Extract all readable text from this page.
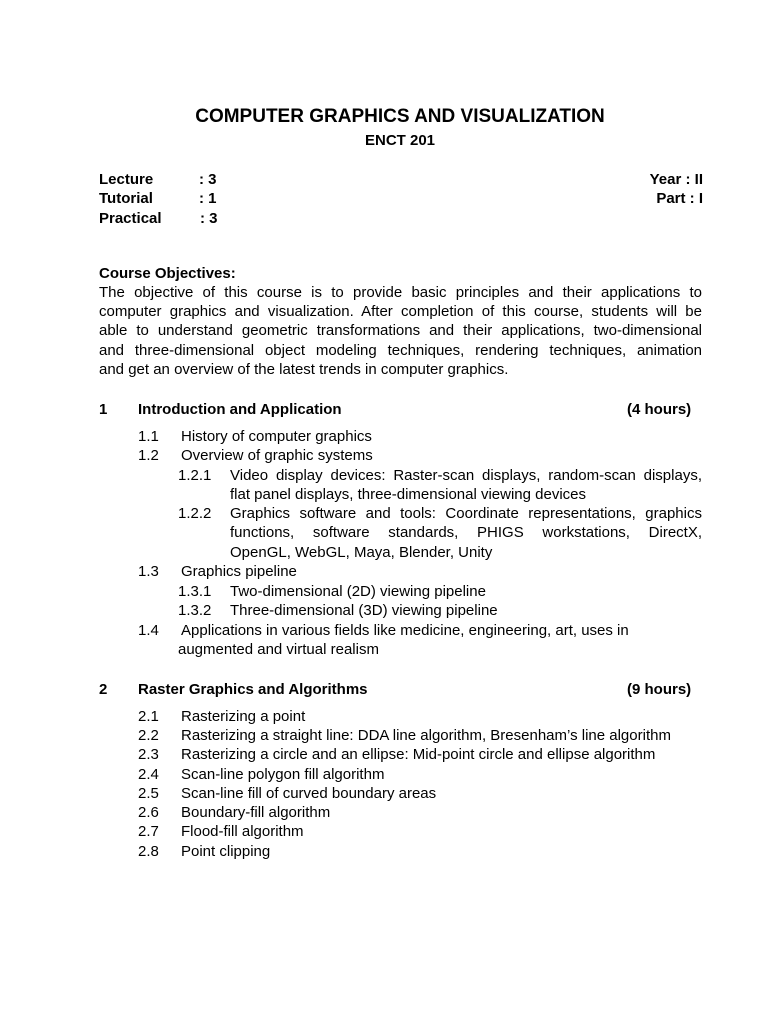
COMPUTER GRAPHICS AND VISUALIZATION
ENCT 201
Lecture	: 3
Tutorial	: 1
Practical	: 3
Year : II
Part : I
Course Objectives:
The objective of this course is to provide basic principles and their applications to
computer graphics and visualization. After completion of this course, students will be
able to understand geometric transformations and their applications, two-dimensional
and three-dimensional object modeling techniques, rendering techniques, animation
and get an overview of the latest trends in computer graphics.
1 Introduction and Application	(4 hours)
1.1 History of computer graphics
1.2 Overview of graphic systems
1.2.1 Video display devices: Raster-scan displays, random-scan displays,
flat panel displays, three-dimensional viewing devices
1.2.2 Graphics software and tools: Coordinate representations, graphics
functions, software standards, PHIGS workstations, DirectX,
OpenGL, WebGL, Maya, Blender, Unity
1.3 Graphics pipeline
1.3.1 Two-dimensional (2D) viewing pipeline
1.3.2 Three-dimensional (3D) viewing pipeline
1.4 Applications in various fields like medicine, engineering, art, uses in
augmented and virtual realism
2 Raster Graphics and Algorithms	(9 hours)
2.1 Rasterizing a point
2.2 Rasterizing a straight line: DDA line algorithm, Bresenham’s line algorithm
2.3 Rasterizing a circle and an ellipse: Mid-point circle and ellipse algorithm
2.4 Scan-line polygon fill algorithm
2.5 Scan-line fill of curved boundary areas
2.6 Boundary-fill algorithm
2.7 Flood-fill algorithm
2.8 Point clipping
